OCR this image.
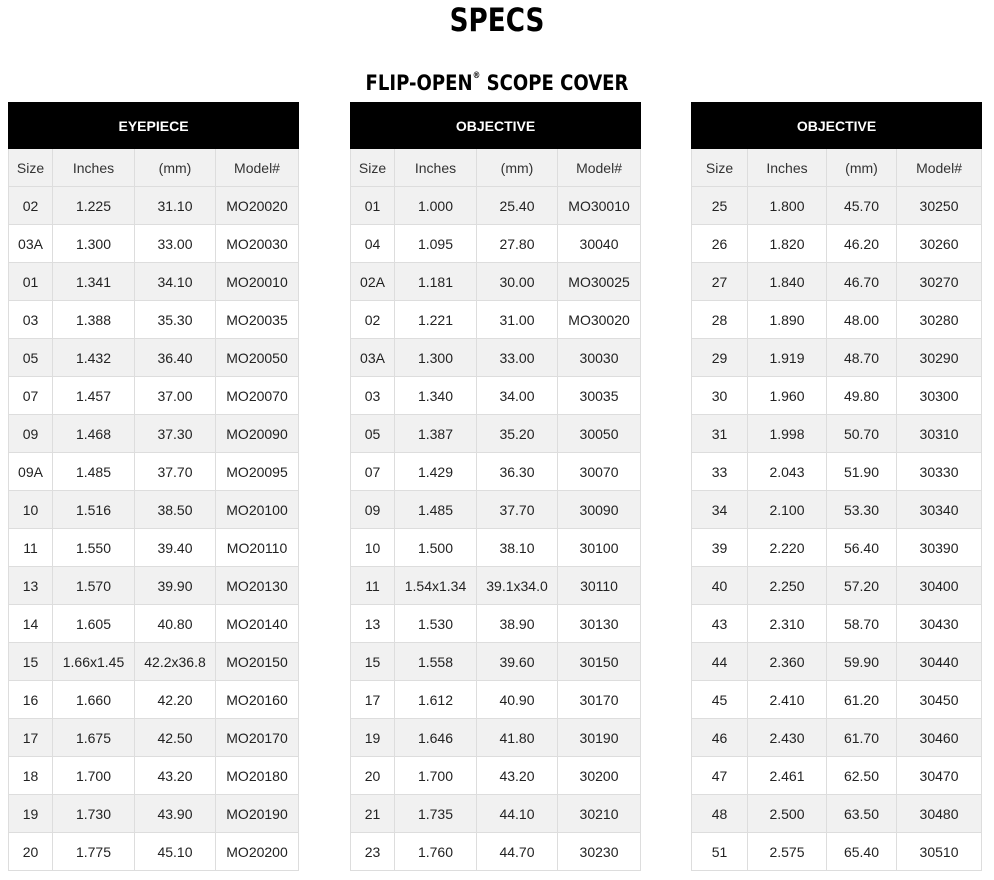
SPECS
FLIP-OPEN® SCOPE COVER
EYEPIECE			
Size	Inches	(mm)	Model#
02	1.225	31.10	MO20020
03A	1.300	33.00	MO20030
01	1.341	34.10	MO20010
03	1.388	35.30	MO20035
05	1.432	36.40	MO20050
07	1.457	37.00	MO20070
09	1.468	37.30	MO20090
09A	1.485	37.70	MO20095
10	1.516	38.50	MO20100
11	1.550	39.40	MO20110
13	1.570	39.90	MO20130
14	1.605	40.80	MO20140
15	1.66x1.45	42.2x36.8	MO20150
16	1.660	42.20	MO20160
17	1.675	42.50	MO20170
18	1.700	43.20	MO20180
19	1.730	43.90	MO20190
20	1.775	45.10	MO20200
OBJECTIVE			
Size	Inches	(mm)	Model#
01	1.000	25.40	MO30010
04	1.095	27.80	30040
02A	1.181	30.00	MO30025
02	1.221	31.00	MO30020
03A	1.300	33.00	30030
03	1.340	34.00	30035
05	1.387	35.20	30050
07	1.429	36.30	30070
09	1.485	37.70	30090
10	1.500	38.10	30100
11	1.54x1.34	39.1x34.0	30110
13	1.530	38.90	30130
15	1.558	39.60	30150
17	1.612	40.90	30170
19	1.646	41.80	30190
20	1.700	43.20	30200
21	1.735	44.10	30210
23	1.760	44.70	30230
OBJECTIVE			
Size	Inches	(mm)	Model#
25	1.800	45.70	30250
26	1.820	46.20	30260
27	1.840	46.70	30270
28	1.890	48.00	30280
29	1.919	48.70	30290
30	1.960	49.80	30300
31	1.998	50.70	30310
33	2.043	51.90	30330
34	2.100	53.30	30340
39	2.220	56.40	30390
40	2.250	57.20	30400
43	2.310	58.70	30430
44	2.360	59.90	30440
45	2.410	61.20	30450
46	2.430	61.70	30460
47	2.461	62.50	30470
48	2.500	63.50	30480
51	2.575	65.40	30510
